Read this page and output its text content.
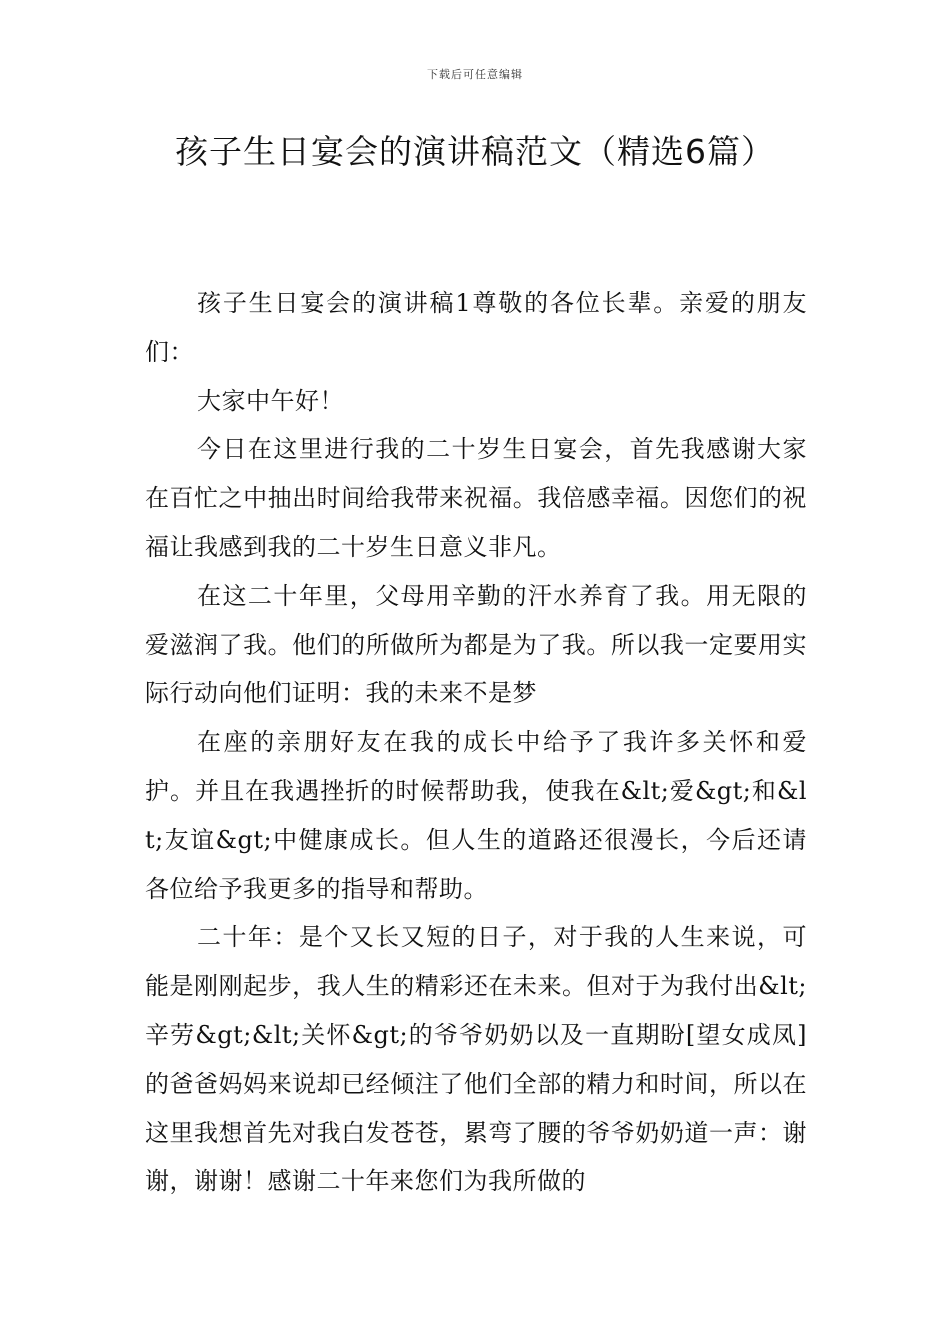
下载后可任意编辑
孩子生日宴会的演讲稿范文（精选6篇）

孩子生日宴会的演讲稿1尊敬的各位长辈。亲爱的朋友们：

大家中午好！

今日在这里进行我的二十岁生日宴会，首先我感谢大家在百忙之中抽出时间给我带来祝福。我倍感幸福。因您们的祝福让我感到我的二十岁生日意义非凡。

在这二十年里，父母用辛勤的汗水养育了我。用无限的爱滋润了我。他们的所做所为都是为了我。所以我一定要用实际行动向他们证明：我的未来不是梦

在座的亲朋好友在我的成长中给予了我许多关怀和爱护。并且在我遇挫折的时候帮助我，使我在&lt;爱&gt;和&lt;友谊&gt;中健康成长。但人生的道路还很漫长，今后还请各位给予我更多的指导和帮助。

二十年：是个又长又短的日子，对于我的人生来说，可能是刚刚起步，我人生的精彩还在未来。但对于为我付出&lt;辛劳&gt;&lt;关怀&gt;的爷爷奶奶以及一直期盼[望女成凤]的爸爸妈妈来说却已经倾注了他们全部的精力和时间，所以在这里我想首先对我白发苍苍，累弯了腰的爷爷奶奶道一声：谢谢，谢谢！感谢二十年来您们为我所做的
